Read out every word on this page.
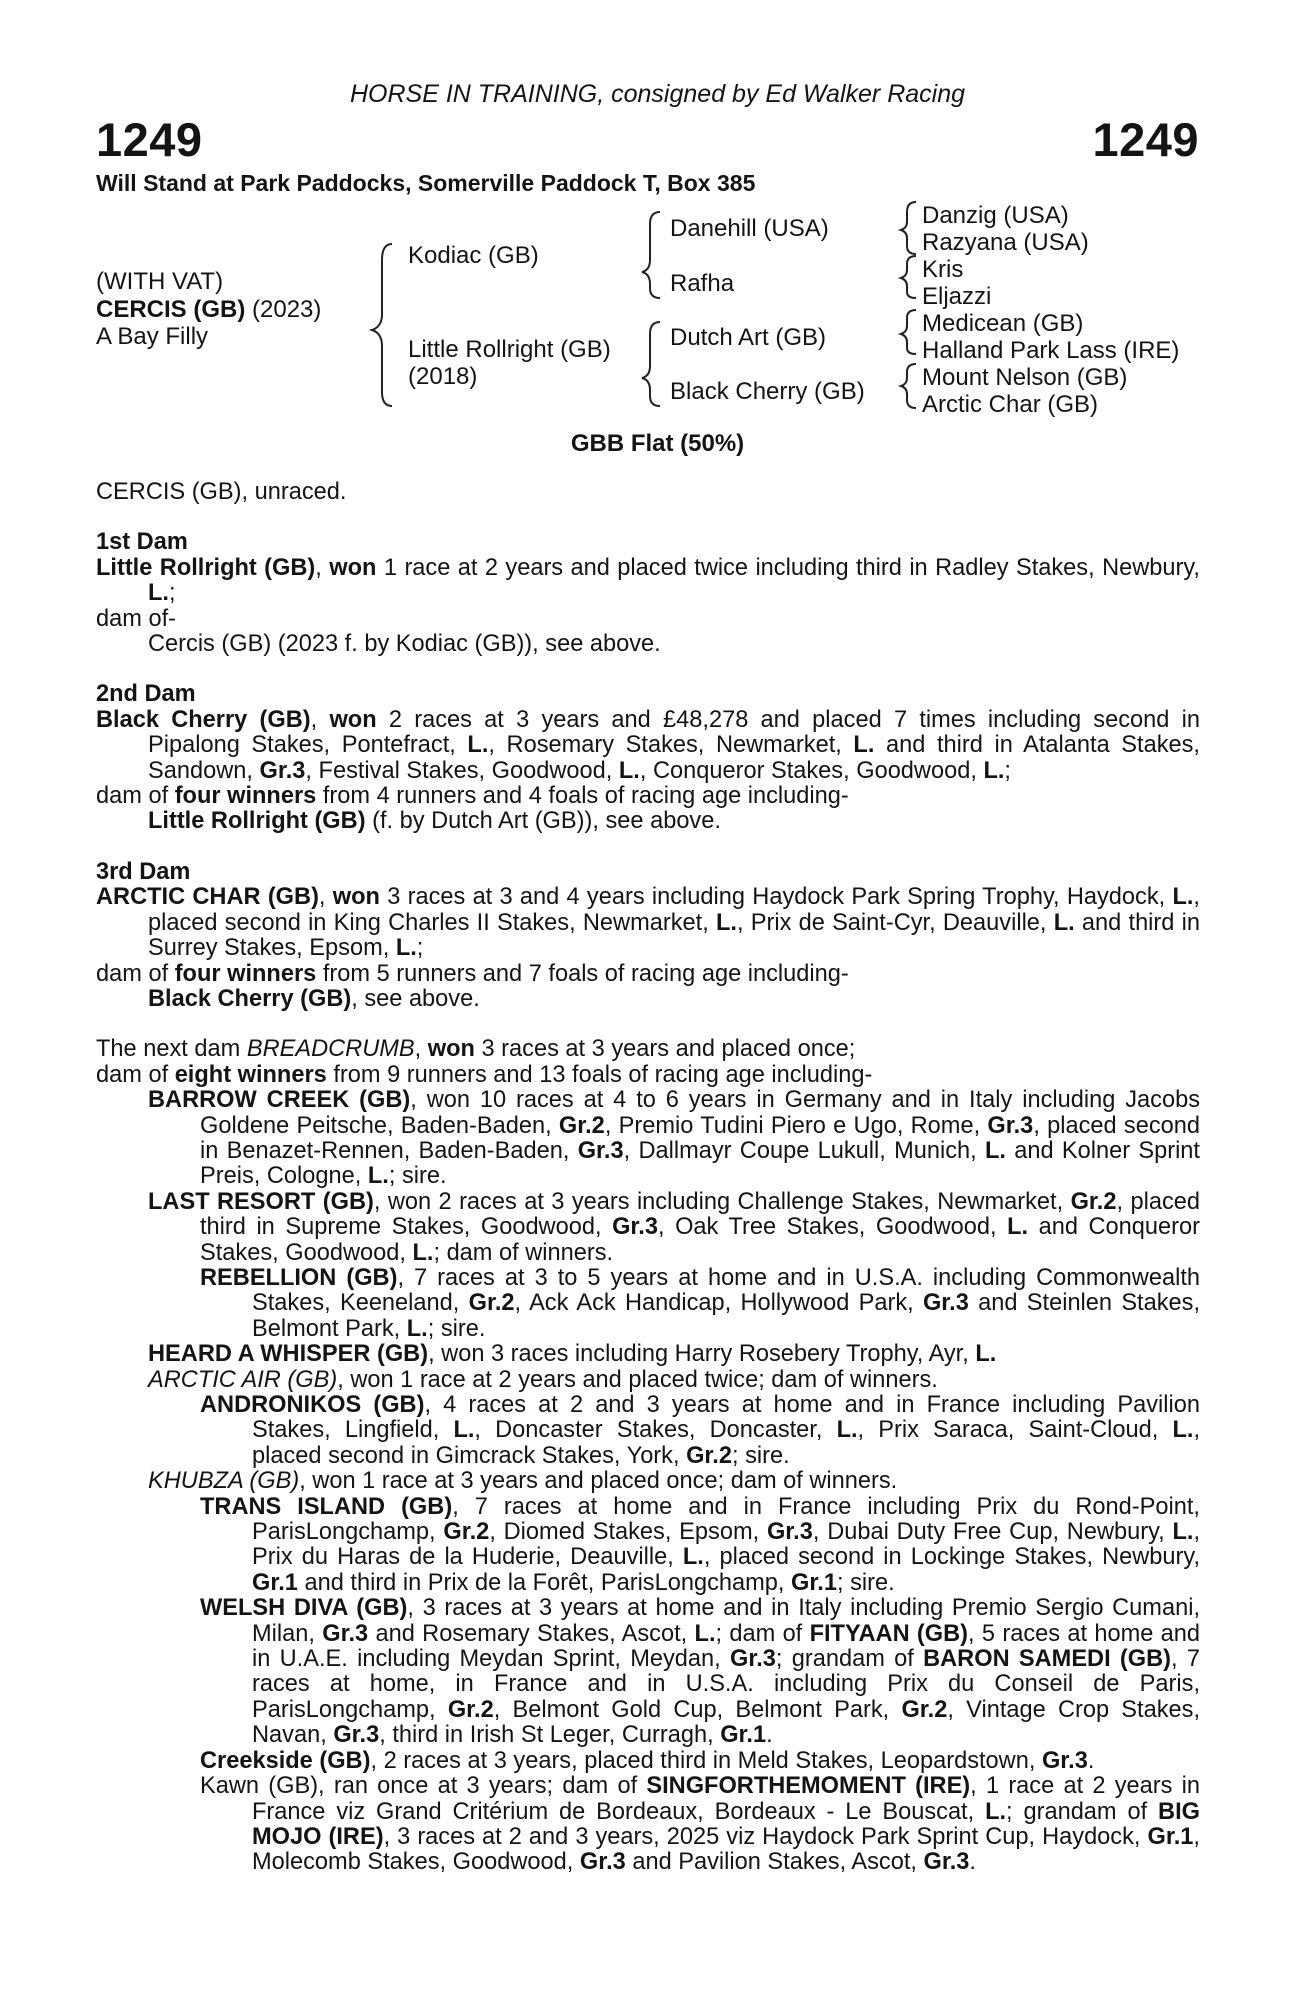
HORSE IN TRAINING, consigned by Ed Walker Racing
1249	1249
Will Stand at Park Paddocks, Somerville Paddock T, Box 385
(WITH VAT)
CERCIS (GB) (2023)
A Bay Filly
Kodiac (GB)
Little Rollright (GB)
(2018)
Danehill (USA)
Rafha
Dutch Art (GB)
Black Cherry (GB)
Danzig (USA)
Razyana (USA)
Kris
Eljazzi
Medicean (GB)
Halland Park Lass (IRE)
Mount Nelson (GB)
Arctic Char (GB)
GBB Flat (50%)

CERCIS (GB), unraced.

1st Dam

Little Rollright (GB), won 1 race at 2 years and placed twice including third in Radley Stakes, Newbury, L.;

dam of-

Cercis (GB) (2023 f. by Kodiac (GB)), see above.

2nd Dam

Black Cherry (GB), won 2 races at 3 years and £48,278 and placed 7 times including second in Pipalong Stakes, Pontefract, L., Rosemary Stakes, Newmarket, L. and third in Atalanta Stakes, Sandown, Gr.3, Festival Stakes, Goodwood, L., Conqueror Stakes, Goodwood, L.;

dam of four winners from 4 runners and 4 foals of racing age including-

Little Rollright (GB) (f. by Dutch Art (GB)), see above.

3rd Dam

ARCTIC CHAR (GB), won 3 races at 3 and 4 years including Haydock Park Spring Trophy, Haydock, L., placed second in King Charles II Stakes, Newmarket, L., Prix de Saint-Cyr, Deauville, L. and third in Surrey Stakes, Epsom, L.;

dam of four winners from 5 runners and 7 foals of racing age including-

Black Cherry (GB), see above.

The next dam BREADCRUMB, won 3 races at 3 years and placed once;

dam of eight winners from 9 runners and 13 foals of racing age including-

BARROW CREEK (GB), won 10 races at 4 to 6 years in Germany and in Italy including Jacobs Goldene Peitsche, Baden-Baden, Gr.2, Premio Tudini Piero e Ugo, Rome, Gr.3, placed second in Benazet-Rennen, Baden-Baden, Gr.3, Dallmayr Coupe Lukull, Munich, L. and Kolner Sprint Preis, Cologne, L.; sire.

LAST RESORT (GB), won 2 races at 3 years including Challenge Stakes, Newmarket, Gr.2, placed third in Supreme Stakes, Goodwood, Gr.3, Oak Tree Stakes, Goodwood, L. and Conqueror Stakes, Goodwood, L.; dam of winners.

REBELLION (GB), 7 races at 3 to 5 years at home and in U.S.A. including Commonwealth Stakes, Keeneland, Gr.2, Ack Ack Handicap, Hollywood Park, Gr.3 and Steinlen Stakes, Belmont Park, L.; sire.

HEARD A WHISPER (GB), won 3 races including Harry Rosebery Trophy, Ayr, L.

ARCTIC AIR (GB), won 1 race at 2 years and placed twice; dam of winners.

ANDRONIKOS (GB), 4 races at 2 and 3 years at home and in France including Pavilion Stakes, Lingfield, L., Doncaster Stakes, Doncaster, L., Prix Saraca, Saint-Cloud, L., placed second in Gimcrack Stakes, York, Gr.2; sire.

KHUBZA (GB), won 1 race at 3 years and placed once; dam of winners.

TRANS ISLAND (GB), 7 races at home and in France including Prix du Rond-Point, ParisLongchamp, Gr.2, Diomed Stakes, Epsom, Gr.3, Dubai Duty Free Cup, Newbury, L., Prix du Haras de la Huderie, Deauville, L., placed second in Lockinge Stakes, Newbury, Gr.1 and third in Prix de la Forêt, ParisLongchamp, Gr.1; sire.

WELSH DIVA (GB), 3 races at 3 years at home and in Italy including Premio Sergio Cumani, Milan, Gr.3 and Rosemary Stakes, Ascot, L.; dam of FITYAAN (GB), 5 races at home and in U.A.E. including Meydan Sprint, Meydan, Gr.3; grandam of BARON SAMEDI (GB), 7 races at home, in France and in U.S.A. including Prix du Conseil de Paris, ParisLongchamp, Gr.2, Belmont Gold Cup, Belmont Park, Gr.2, Vintage Crop Stakes, Navan, Gr.3, third in Irish St Leger, Curragh, Gr.1.

Creekside (GB), 2 races at 3 years, placed third in Meld Stakes, Leopardstown, Gr.3.

Kawn (GB), ran once at 3 years; dam of SINGFORTHEMOMENT (IRE), 1 race at 2 years in France viz Grand Critérium de Bordeaux, Bordeaux - Le Bouscat, L.; grandam of BIG MOJO (IRE), 3 races at 2 and 3 years, 2025 viz Haydock Park Sprint Cup, Haydock, Gr.1, Molecomb Stakes, Goodwood, Gr.3 and Pavilion Stakes, Ascot, Gr.3.
